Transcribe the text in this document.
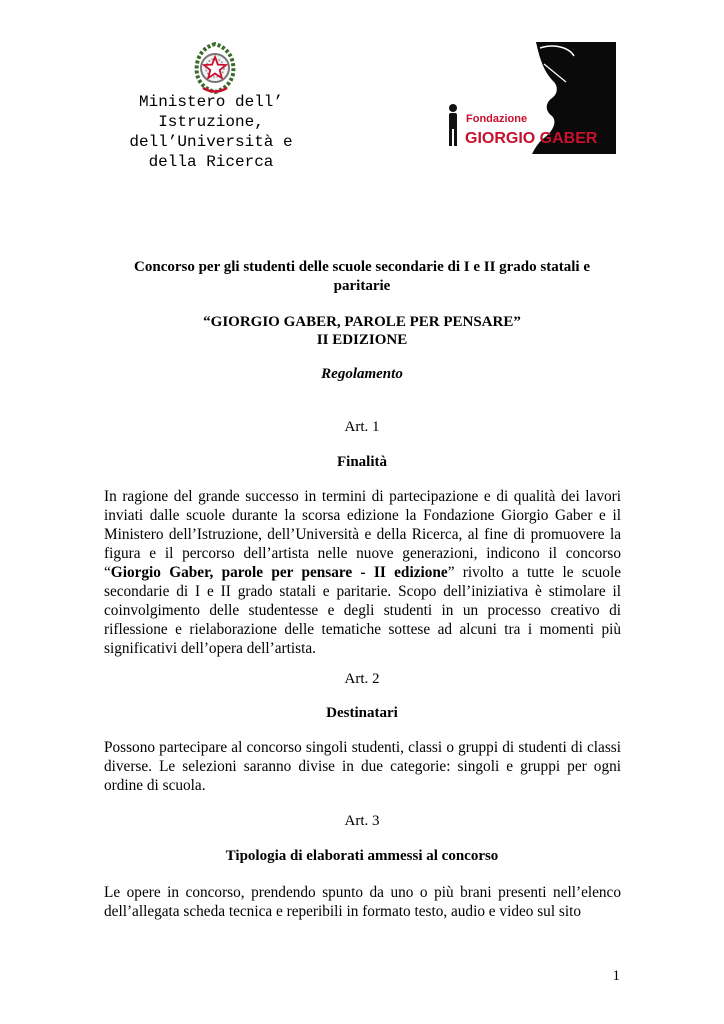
Ministero dell’
Istruzione,
dell’Università e
della Ricerca
Fondazione
GIORGIO GABER
Concorso per gli studenti delle scuole secondarie di I e II grado statali e
paritarie
“GIORGIO GABER, PAROLE PER PENSARE”
II EDIZIONE
Regolamento
Art. 1
Finalità
In ragione del grande successo in termini di partecipazione e di qualità dei lavori inviati dalle scuole durante la scorsa edizione la Fondazione Giorgio Gaber e il Ministero dell’Istruzione, dell’Università e della Ricerca, al fine di promuovere la figura e il percorso dell’artista nelle nuove generazioni, indicono il concorso “Giorgio Gaber, parole per pensare - II edizione” rivolto a tutte le scuole secondarie di I e II grado statali e paritarie. Scopo dell’iniziativa è stimolare il coinvolgimento delle studentesse e degli studenti in un processo creativo di riflessione e rielaborazione delle tematiche sottese ad alcuni tra i momenti più significativi dell’opera dell’artista.
Art. 2
Destinatari
Possono partecipare al concorso singoli studenti, classi o gruppi di studenti di classi diverse. Le selezioni saranno divise in due categorie: singoli e gruppi per ogni ordine di scuola.
Art. 3
Tipologia di elaborati ammessi al concorso
Le opere in concorso, prendendo spunto da uno o più brani presenti nell’elenco dell’allegata scheda tecnica e reperibili in formato testo, audio e video sul sito
1
